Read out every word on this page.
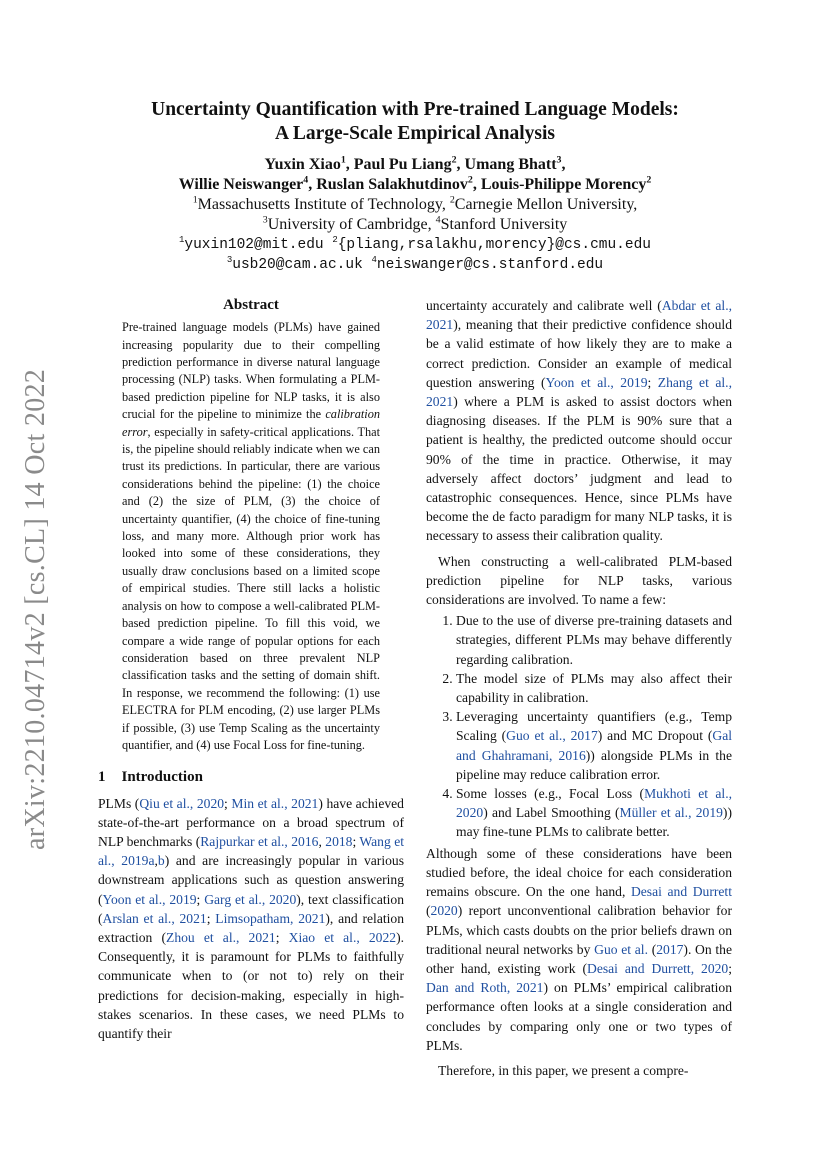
arXiv:2210.04714v2 [cs.CL] 14 Oct 2022
Uncertainty Quantification with Pre-trained Language Models:
A Large-Scale Empirical Analysis
Yuxin Xiao$^1$, Paul Pu Liang$^2$, Umang Bhatt$^3$,
Willie Neiswanger$^4$, Ruslan Salakhutdinov$^2$, Louis-Philippe Morency$^2$
$^1$Massachusetts Institute of Technology, $^2$Carnegie Mellon University,
$^3$University of Cambridge, $^4$Stanford University
$^1$yuxin102@mit.edu $^2${pliang,rsalakhu,morency}@cs.cmu.edu
$^3$usb20@cam.ac.uk $^4$neiswanger@cs.stanford.edu
Abstract

Pre-trained language models (PLMs) have gained increasing popularity due to their compelling prediction performance in diverse natural language processing (NLP) tasks. When formulating a PLM-based prediction pipeline for NLP tasks, it is also crucial for the pipeline to minimize the calibration error, especially in safety-critical applications. That is, the pipeline should reliably indicate when we can trust its predictions. In particular, there are various considerations behind the pipeline: (1) the choice and (2) the size of PLM, (3) the choice of uncertainty quantifier, (4) the choice of fine-tuning loss, and many more. Although prior work has looked into some of these considerations, they usually draw conclusions based on a limited scope of empirical studies. There still lacks a holistic analysis on how to compose a well-calibrated PLM-based prediction pipeline. To fill this void, we compare a wide range of popular options for each consideration based on three prevalent NLP classification tasks and the setting of domain shift. In response, we recommend the following: (1) use ELECTRA for PLM encoding, (2) use larger PLMs if possible, (3) use Temp Scaling as the uncertainty quantifier, and (4) use Focal Loss for fine-tuning.

1 Introduction

PLMs (Qiu et al., 2020; Min et al., 2021) have achieved state-of-the-art performance on a broad spectrum of NLP benchmarks (Rajpurkar et al., 2016, 2018; Wang et al., 2019a,b) and are increasingly popular in various downstream applications such as question answering (Yoon et al., 2019; Garg et al., 2020), text classification (Arslan et al., 2021; Limsopatham, 2021), and relation extraction (Zhou et al., 2021; Xiao et al., 2022). Consequently, it is paramount for PLMs to faithfully communicate when to (or not to) rely on their predictions for decision-making, especially in high-stakes scenarios. In these cases, we need PLMs to quantify their

uncertainty accurately and calibrate well (Abdar et al., 2021), meaning that their predictive confidence should be a valid estimate of how likely they are to make a correct prediction. Consider an example of medical question answering (Yoon et al., 2019; Zhang et al., 2021) where a PLM is asked to assist doctors when diagnosing diseases. If the PLM is 90% sure that a patient is healthy, the predicted outcome should occur 90% of the time in practice. Otherwise, it may adversely affect doctors’ judgment and lead to catastrophic consequences. Hence, since PLMs have become the de facto paradigm for many NLP tasks, it is necessary to assess their calibration quality.

When constructing a well-calibrated PLM-based prediction pipeline for NLP tasks, various considerations are involved. To name a few:

1. Due to the use of diverse pre-training datasets and strategies, different PLMs may behave differently regarding calibration.
2. The model size of PLMs may also affect their capability in calibration.
3. Leveraging uncertainty quantifiers (e.g., Temp Scaling (Guo et al., 2017) and MC Dropout (Gal and Ghahramani, 2016)) alongside PLMs in the pipeline may reduce calibration error.
4. Some losses (e.g., Focal Loss (Mukhoti et al., 2020) and Label Smoothing (Müller et al., 2019)) may fine-tune PLMs to calibrate better.

Although some of these considerations have been studied before, the ideal choice for each consideration remains obscure. On the one hand, Desai and Durrett (2020) report unconventional calibration behavior for PLMs, which casts doubts on the prior beliefs drawn on traditional neural networks by Guo et al. (2017). On the other hand, existing work (Desai and Durrett, 2020; Dan and Roth, 2021) on PLMs’ empirical calibration performance often looks at a single consideration and concludes by comparing only one or two types of PLMs.

Therefore, in this paper, we present a compre-
